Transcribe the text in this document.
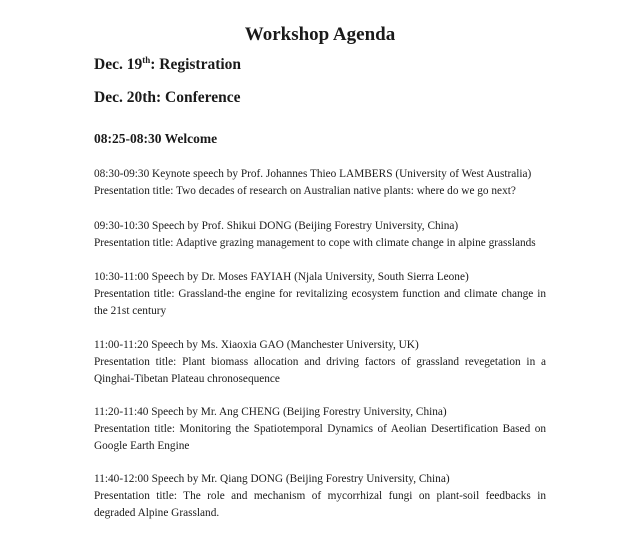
Workshop Agenda

Dec. 19th: Registration

Dec. 20th: Conference

08:25-08:30 Welcome

08:30-09:30 Keynote speech by Prof. Johannes Thieo LAMBERS (University of West Australia)
Presentation title: Two decades of research on Australian native plants: where do we go next?
09:30-10:30 Speech by Prof. Shikui DONG (Beijing Forestry University, China)
Presentation title: Adaptive grazing management to cope with climate change in alpine grasslands
10:30-11:00 Speech by Dr. Moses FAYIAH (Njala University, South Sierra Leone)
Presentation title: Grassland-the engine for revitalizing ecosystem function and climate change in the 21st century
11:00-11:20 Speech by Ms. Xiaoxia GAO (Manchester University, UK)
Presentation title: Plant biomass allocation and driving factors of grassland revegetation in a Qinghai-Tibetan Plateau chronosequence
11:20-11:40 Speech by Mr. Ang CHENG (Beijing Forestry University, China)
Presentation title: Monitoring the Spatiotemporal Dynamics of Aeolian Desertification Based on Google Earth Engine
11:40-12:00 Speech by Mr. Qiang DONG (Beijing Forestry University, China)
Presentation title: The role and mechanism of mycorrhizal fungi on plant-soil feedbacks in degraded Alpine Grassland.
